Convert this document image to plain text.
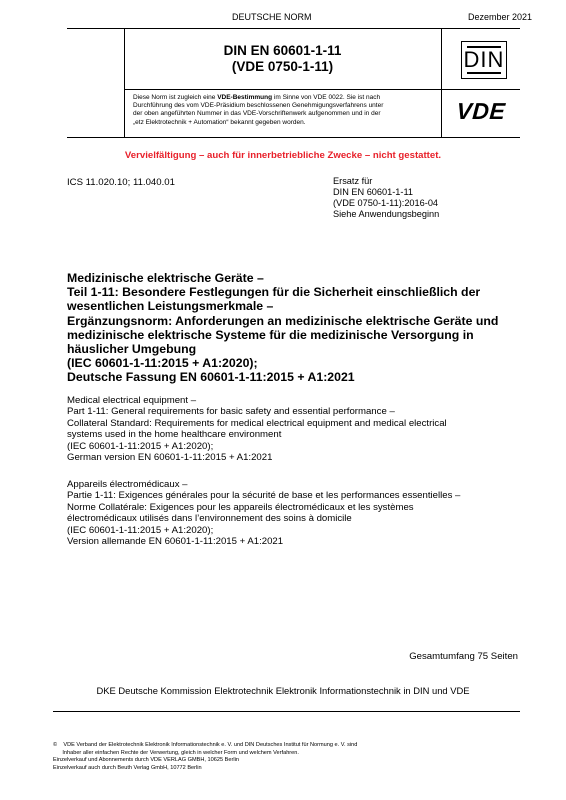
DEUTSCHE NORM	Dezember 2021
DIN EN 60601-1-11
(VDE 0750-1-11)	DIN
Diese Norm ist zugleich eine VDE-Bestimmung im Sinne von VDE 0022. Sie ist nach
Durchführung des vom VDE-Präsidium beschlossenen Genehmigungsverfahrens unter
der oben angeführten Nummer in das VDE-Vorschriftenwerk aufgenommen und in der
„etz Elektrotechnik + Automation“ bekannt gegeben worden.	VDE
Vervielfältigung – auch für innerbetriebliche Zwecke – nicht gestattet.
ICS 11.020.10; 11.040.01	Ersatz für
DIN EN 60601-1-11
(VDE 0750-1-11):2016-04
Siehe Anwendungsbeginn
Medizinische elektrische Geräte –
Teil 1-11: Besondere Festlegungen für die Sicherheit einschließlich der
wesentlichen Leistungsmerkmale –
Ergänzungsnorm: Anforderungen an medizinische elektrische Geräte und
medizinische elektrische Systeme für die medizinische Versorgung in
häuslicher Umgebung
(IEC 60601-1-11:2015 + A1:2020);
Deutsche Fassung EN 60601-1-11:2015 + A1:2021
Medical electrical equipment –
Part 1-11: General requirements for basic safety and essential performance –
Collateral Standard: Requirements for medical electrical equipment and medical electrical
systems used in the home healthcare environment
(IEC 60601-1-11:2015 + A1:2020);
German version EN 60601-1-11:2015 + A1:2021
Appareils électromédicaux –
Partie 1-11: Exigences générales pour la sécurité de base et les performances essentielles –
Norme Collatérale: Exigences pour les appareils électromédicaux et les systèmes
électromédicaux utilisés dans l’environnement des soins à domicile
(IEC 60601-1-11:2015 + A1:2020);
Version allemande EN 60601-1-11:2015 + A1:2021
Gesamtumfang 75 Seiten
DKE Deutsche Kommission Elektrotechnik Elektronik Informationstechnik in DIN und VDE
©    VDE Verband der Elektrotechnik Elektronik Informationstechnik e. V. und DIN Deutsches Institut für Normung e. V. sind
Inhaber aller einfachen Rechte der Verwertung, gleich in welcher Form und welchem Verfahren.
Einzelverkauf und Abonnements durch VDE VERLAG GMBH, 10625 Berlin
Einzelverkauf auch durch Beuth Verlag GmbH, 10772 Berlin
